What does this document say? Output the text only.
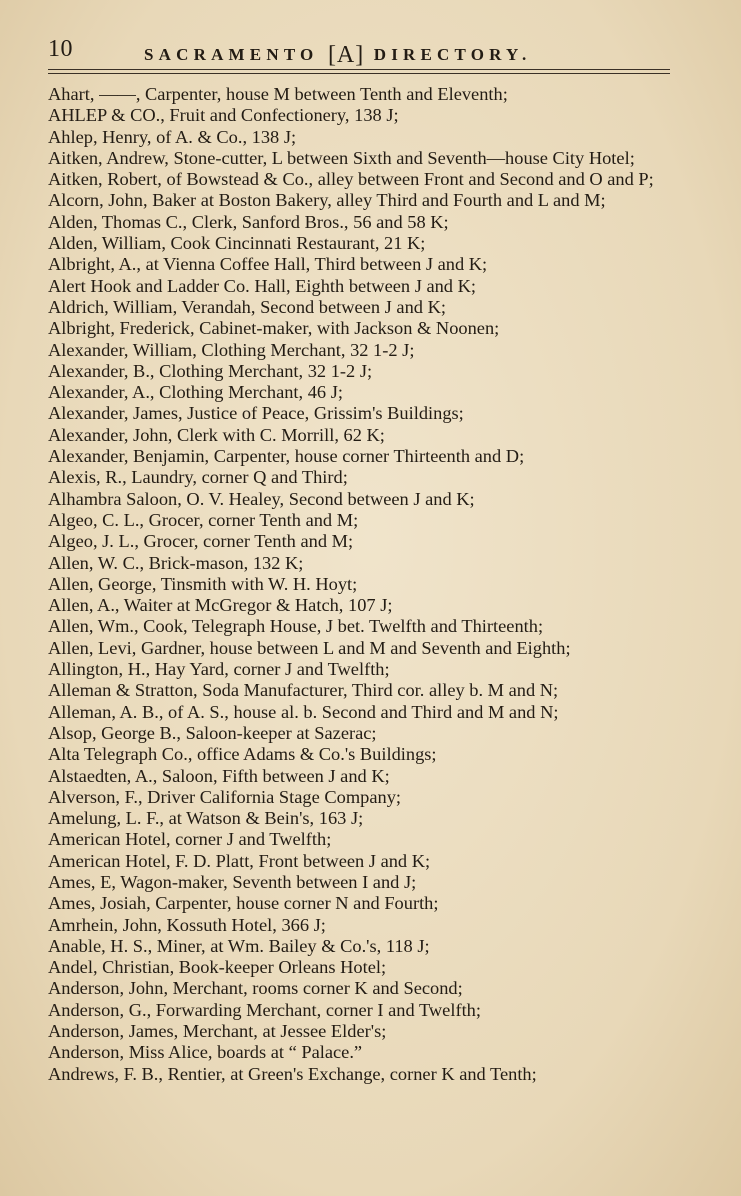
10	SACRAMENTO [A] DIRECTORY.
Ahart, ——, Carpenter, house M between Tenth and Eleventh;
AHLEP & CO., Fruit and Confectionery, 138 J;
Ahlep, Henry, of A. & Co., 138 J;
Aitken, Andrew, Stone-cutter, L between Sixth and Seventh—house City Hotel;
Aitken, Robert, of Bowstead & Co., alley between Front and Second and O and P;
Alcorn, John, Baker at Boston Bakery, alley Third and Fourth and L and M;
Alden, Thomas C., Clerk, Sanford Bros., 56 and 58 K;
Alden, William, Cook Cincinnati Restaurant, 21 K;
Albright, A., at Vienna Coffee Hall, Third between J and K;
Alert Hook and Ladder Co. Hall, Eighth between J and K;
Aldrich, William, Verandah, Second between J and K;
Albright, Frederick, Cabinet-maker, with Jackson & Noonen;
Alexander, William, Clothing Merchant, 32 1-2 J;
Alexander, B., Clothing Merchant, 32 1-2 J;
Alexander, A., Clothing Merchant, 46 J;
Alexander, James, Justice of Peace, Grissim's Buildings;
Alexander, John, Clerk with C. Morrill, 62 K;
Alexander, Benjamin, Carpenter, house corner Thirteenth and D;
Alexis, R., Laundry, corner Q and Third;
Alhambra Saloon, O. V. Healey, Second between J and K;
Algeo, C. L., Grocer, corner Tenth and M;
Algeo, J. L., Grocer, corner Tenth and M;
Allen, W. C., Brick-mason, 132 K;
Allen, George, Tinsmith with W. H. Hoyt;
Allen, A., Waiter at McGregor & Hatch, 107 J;
Allen, Wm., Cook, Telegraph House, J bet. Twelfth and Thirteenth;
Allen, Levi, Gardner, house between L and M and Seventh and Eighth;
Allington, H., Hay Yard, corner J and Twelfth;
Alleman & Stratton, Soda Manufacturer, Third cor. alley b. M and N;
Alleman, A. B., of A. S., house al. b. Second and Third and M and N;
Alsop, George B., Saloon-keeper at Sazerac;
Alta Telegraph Co., office Adams & Co.'s Buildings;
Alstaedten, A., Saloon, Fifth between J and K;
Alverson, F., Driver California Stage Company;
Amelung, L. F., at Watson & Bein's, 163 J;
American Hotel, corner J and Twelfth;
American Hotel, F. D. Platt, Front between J and K;
Ames, E, Wagon-maker, Seventh between I and J;
Ames, Josiah, Carpenter, house corner N and Fourth;
Amrhein, John, Kossuth Hotel, 366 J;
Anable, H. S., Miner, at Wm. Bailey & Co.'s, 118 J;
Andel, Christian, Book-keeper Orleans Hotel;
Anderson, John, Merchant, rooms corner K and Second;
Anderson, G., Forwarding Merchant, corner I and Twelfth;
Anderson, James, Merchant, at Jessee Elder's;
Anderson, Miss Alice, boards at “ Palace.”
Andrews, F. B., Rentier, at Green's Exchange, corner K and Tenth;
